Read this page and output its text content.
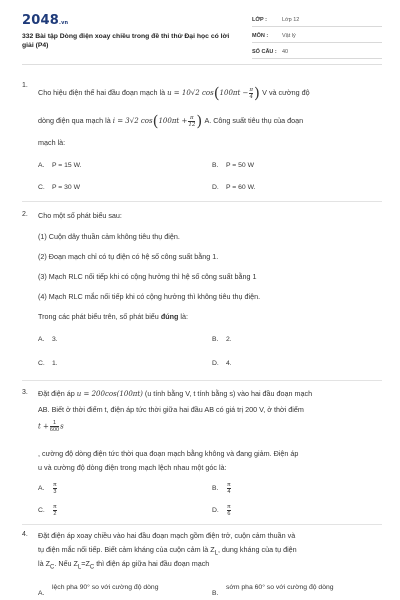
2048.vn
332 Bài tập Dòng điện xoay chiều trong đề thi thử Đại học có lời giải (P4)
LỚP :	Lớp 12
MÔN :	Vật lý
SỐ CÂU : 40
1.
Cho hiệu điện thế hai đầu đoạn mạch là u = 10√2 $\cos(100\pi t - \frac{\pi}{4}$ ) V và cường độ
dòng điện qua mạch là i = 3√2 $\cos(100\pi t + \frac{\pi}{12}$ ) A. Công suất tiêu thụ của đoạn
mạch là:
A. P = 15 W.	B. P = 50 W
C. P = 30 W	D. P = 60 W.
2. Cho một số phát biểu sau:
(1) Cuộn dây thuần cảm không tiêu thụ điện.
(2) Đoạn mạch chỉ có tụ điện có hệ số công suất bằng 1.
(3) Mạch RLC nối tiếp khi có cộng hưởng thì hệ số công suất bằng 1
(4) Mạch RLC mắc nối tiếp khi có cộng hưởng thì không tiêu thụ điện.
Trong các phát biểu trên, số phát biểu đúng là:
A. 3.	B. 2.
C. 1.	D. 4.
3. Đặt điện áp u = 200cos(100πt) (u tính bằng V, t tính bằng s) vào hai đầu đoạn mạch
AB. Biết ở thời điểm t, điện áp tức thời giữa hai đầu AB có giá trị 200 V, ở thời điểm
$t + \frac{1}{600}$ s
, cường độ dòng điện tức thời qua đoạn mạch bằng không và đang giảm. Điện áp
u và cường độ dòng điện trong mạch lệch nhau một góc là:
A. $\frac{\pi}{3}$	B. $\frac{\pi}{4}$
C. $\frac{\pi}{2}$	D. $\frac{\pi}{6}$
4. Đặt điện áp xoay chiều vào hai đầu đoạn mạch gồm điện trở, cuộn cảm thuần và
tụ điện mắc nối tiếp. Biết cảm kháng của cuộn cảm là $Z_L$, dung kháng của tụ điện
là $Z_C$. Nếu $Z_L=Z_C$ thì điện áp giữa hai đầu đoạn mạch
A.lệch pha 90° so với cường độ dòng
B.sớm pha 60° so với cường độ dòng
